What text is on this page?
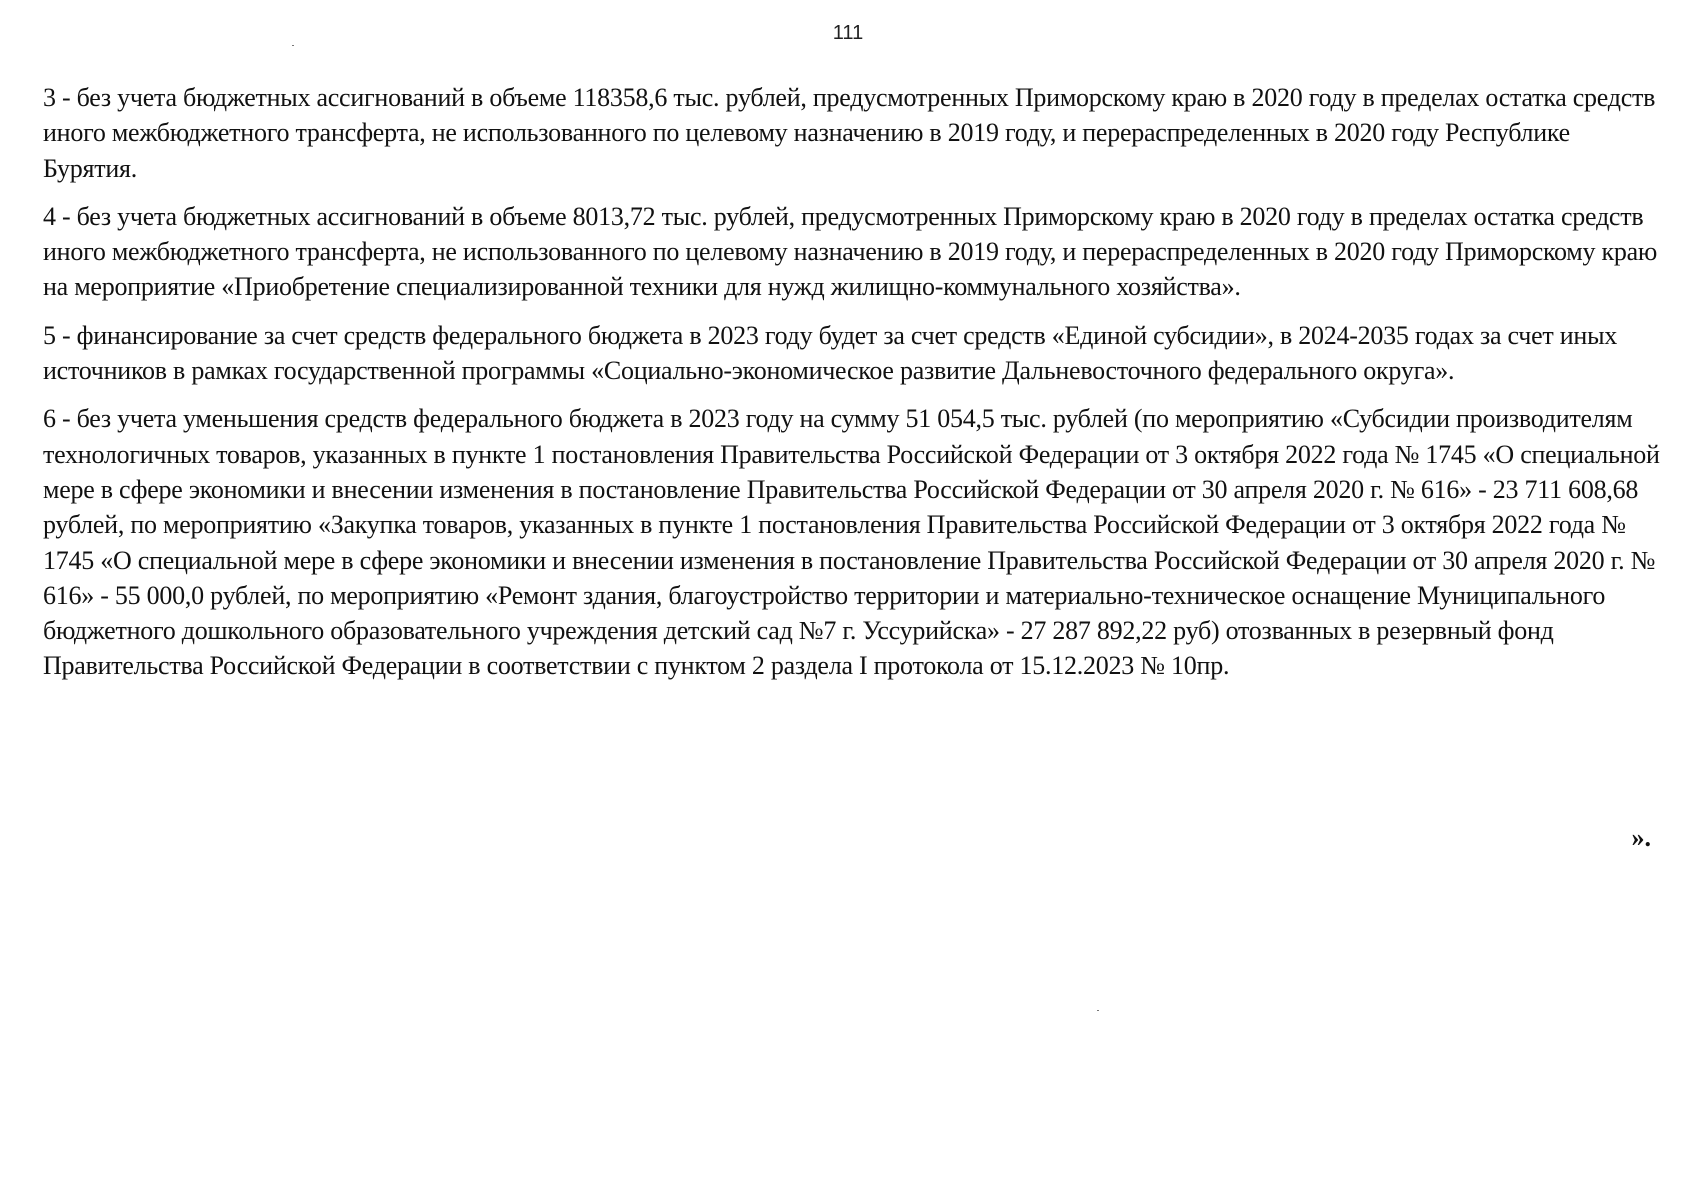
111

3 - без учета бюджетных ассигнований в объеме 118358,6 тыс. рублей, предусмотренных Приморскому краю в 2020 году в пределах остатка средств иного межбюджетного трансферта, не использованного по целевому назначению в 2019 году, и перераспределенных в 2020 году Республике Бурятия.

4 - без учета бюджетных ассигнований в объеме 8013,72 тыс. рублей, предусмотренных Приморскому краю в 2020 году в пределах остатка средств иного межбюджетного трансферта, не использованного по целевому назначению в 2019 году, и перераспределенных в 2020 году Приморскому краю на мероприятие «Приобретение специализированной техники для нужд жилищно-коммунального хозяйства».

5 - финансирование за счет средств федерального бюджета в 2023 году будет за счет средств «Единой субсидии», в 2024-2035 годах за счет иных источников в рамках государственной программы «Социально-экономическое развитие Дальневосточного федерального округа».

6 - без учета уменьшения средств федерального бюджета в 2023 году на сумму 51 054,5 тыс. рублей (по мероприятию «Субсидии производителям технологичных товаров, указанных в пункте 1 постановления Правительства Российской Федерации от 3 октября 2022 года № 1745 «О специальной мере в сфере экономики и внесении изменения в постановление Правительства Российской Федерации от 30 апреля 2020 г. № 616» - 23 711 608,68 рублей, по мероприятию «Закупка товаров, указанных в пункте 1 постановления Правительства Российской Федерации от 3 октября 2022 года № 1745 «О специальной мере в сфере экономики и внесении изменения в постановление Правительства Российской Федерации от 30 апреля 2020 г. № 616» - 55 000,0 рублей, по мероприятию «Ремонт здания, благоустройство территории и материально-техническое оснащение Муниципального бюджетного дошкольного образовательного учреждения детский сад №7 г. Уссурийска» - 27 287 892,22 руб) отозванных в резервный фонд Правительства Российской Федерации в соответствии с пунктом 2 раздела I протокола от 15.12.2023 № 10пр.

».
